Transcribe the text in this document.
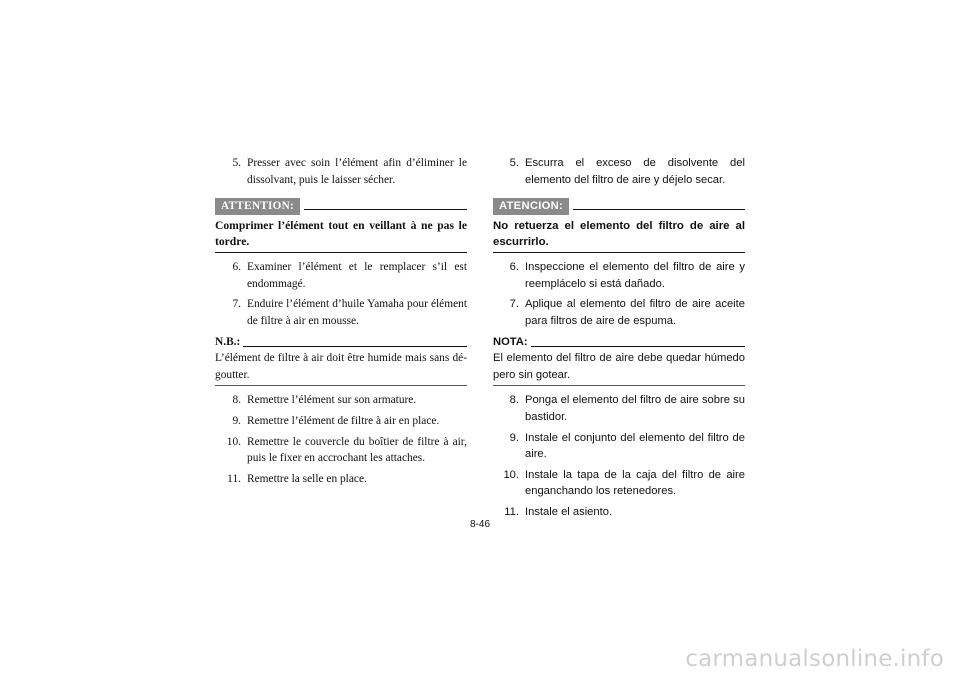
5. Presser avec soin l’élément afin d’éliminer le dissolvant, puis le laisser sécher.
ATTENTION:

Comprimer l’élément tout en veillant à ne pas le tordre.

6. Examiner l’élément et le remplacer s’il est endommagé.
7. Enduire l’élément d’huile Yamaha pour élément de filtre à air en mousse.
N.B.:

L’élément de filtre à air doit être humide mais sans dégoutter.

8. Remettre l’élément sur son armature.
9. Remettre l’élément de filtre à air en place.
10. Remettre le couvercle du boîtier de filtre à air, puis le fixer en accrochant les attaches.
11. Remettre la selle en place.
5. Escurra el exceso de disolvente del elemento del filtro de aire y déjelo secar.
ATENCION:

No retuerza el elemento del filtro de aire al escurrirlo.

6. Inspeccione el elemento del filtro de aire y reemplácelo si está dañado.
7. Aplique al elemento del filtro de aire aceite para filtros de aire de espuma.
NOTA:

El elemento del filtro de aire debe quedar húmedo pero sin gotear.

8. Ponga el elemento del filtro de aire sobre su bastidor.
9. Instale el conjunto del elemento del filtro de aire.
10. Instale la tapa de la caja del filtro de aire enganchando los retenedores.
11. Instale el asiento.
8-46
carmanualsonline.info
